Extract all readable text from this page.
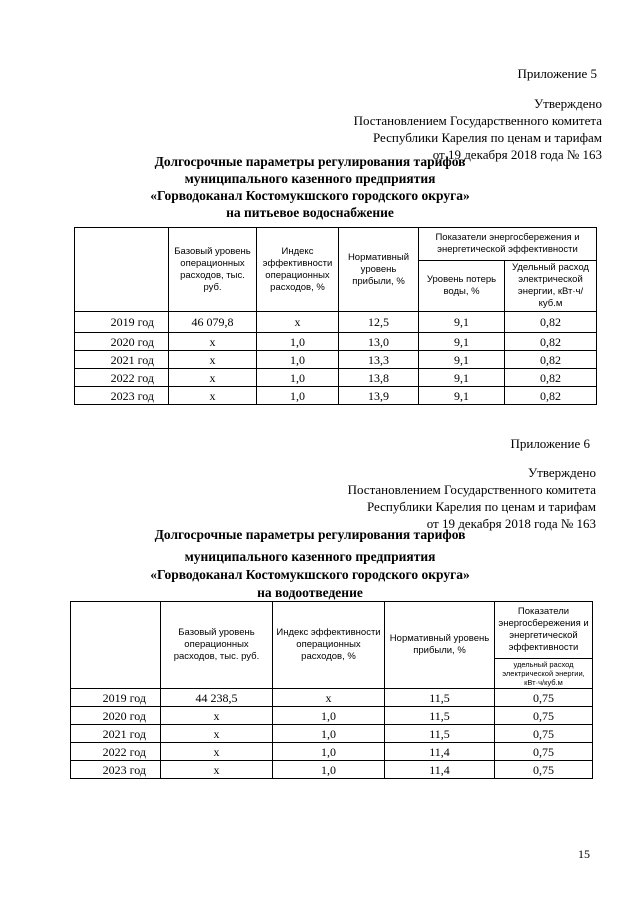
Приложение 5
Утверждено
Постановлением Государственного комитета
Республики Карелия по ценам и тарифам
от 19 декабря 2018 года № 163
Долгосрочные параметры регулирования тарифов
муниципального казенного предприятия
«Горводоканал Костомукшского городского округа»
на питьевое водоснабжение
	Базовый уровень операционных расходов, тыс. руб.	Индекс эффективности операционных расходов, %	Нормативный уровень прибыли, %	Показатели энергосбережения и энергетической эффективности	
				Уровень потерь воды, %	Удельный расход электрической энергии, кВт·ч/куб.м
2019 год	46 079,8	х	12,5	9,1	0,82
2020 год	х	1,0	13,0	9,1	0,82
2021 год	х	1,0	13,3	9,1	0,82
2022 год	х	1,0	13,8	9,1	0,82
2023 год	х	1,0	13,9	9,1	0,82
Приложение 6
Утверждено
Постановлением Государственного комитета
Республики Карелия по ценам и тарифам
от 19 декабря 2018 года № 163
Долгосрочные параметры регулирования тарифов
муниципального казенного предприятия
«Горводоканал Костомукшского городского округа»
на водоотведение
	Базовый уровень операционных расходов, тыс. руб.	Индекс эффективности операционных расходов, %	Нормативный уровень прибыли, %	Показатели энергосбережения и энергетической эффективности
				удельный расход электрической энергии, кВт·ч/куб.м
2019 год	44 238,5	х	11,5	0,75
2020 год	х	1,0	11,5	0,75
2021 год	х	1,0	11,5	0,75
2022 год	х	1,0	11,4	0,75
2023 год	х	1,0	11,4	0,75
15
